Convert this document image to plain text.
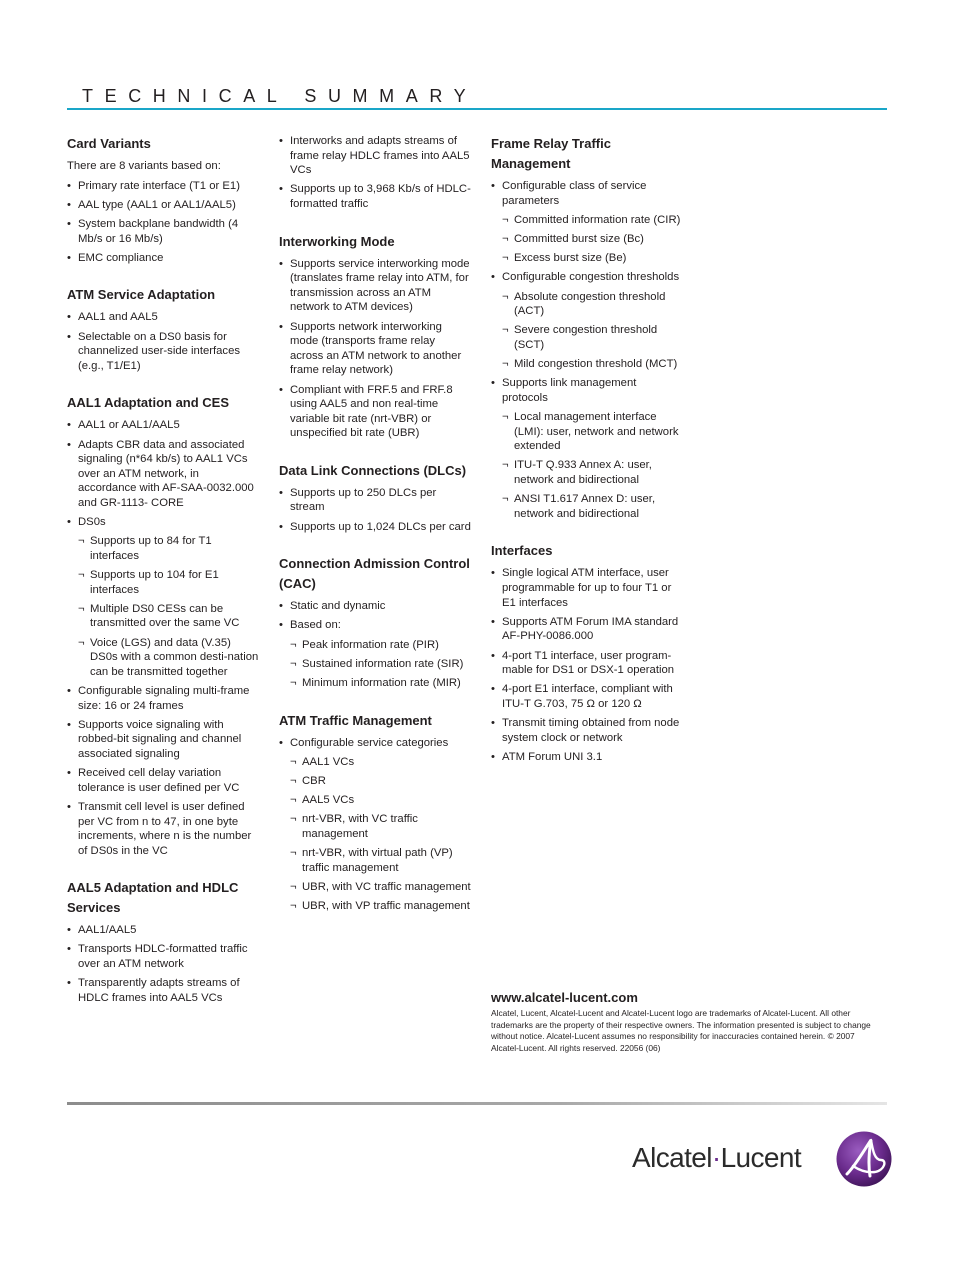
TECHNICAL SUMMARY
Card Variants

There are 8 variants based on:

• Primary rate interface (T1 or E1)
• AAL type (AAL1 or AAL1/AAL5)
• System backplane bandwidth (4 Mb/s or 16 Mb/s)
• EMC compliance
ATM Service Adaptation
• AAL1 and AAL5
• Selectable on a DS0 basis for channelized user-side interfaces (e.g., T1/E1)
AAL1 Adaptation and CES
• AAL1 or AAL1/AAL5
• Adapts CBR data and associated signaling (n*64 kb/s) to AAL1 VCs over an ATM network, in accordance with AF-SAA-0032.000 and GR-1113- CORE
• DS0s
¬ Supports up to 84 for T1 interfaces
¬ Supports up to 104 for E1 interfaces
¬ Multiple DS0 CESs can be transmitted over the same VC
¬ Voice (LGS) and data (V.35) DS0s with a common desti-nation can be transmitted together
• Configurable signaling multi-frame size: 16 or 24 frames
• Supports voice signaling with robbed-bit signaling and channel associated signaling
• Received cell delay variation tolerance is user defined per VC
• Transmit cell level is user defined per VC from n to 47, in one byte increments, where n is the number of DS0s in the VC
AAL5 Adaptation and HDLC Services
• AAL1/AAL5
• Transports HDLC-formatted traffic over an ATM network
• Transparently adapts streams of HDLC frames into AAL5 VCs
• Interworks and adapts streams of frame relay HDLC frames into AAL5 VCs
• Supports up to 3,968 Kb/s of HDLC-formatted traffic
Interworking Mode
• Supports service interworking mode (translates frame relay into ATM, for transmission across an ATM network to ATM devices)
• Supports network interworking mode (transports frame relay across an ATM network to another frame relay network)
• Compliant with FRF.5 and FRF.8 using AAL5 and non real-time variable bit rate (nrt-VBR) or unspecified bit rate (UBR)
Data Link Connections (DLCs)
• Supports up to 250 DLCs per stream
• Supports up to 1,024 DLCs per card
Connection Admission Control (CAC)
• Static and dynamic
• Based on:
¬ Peak information rate (PIR)
¬ Sustained information rate (SIR)
¬ Minimum information rate (MIR)
ATM Traffic Management
• Configurable service categories
¬ AAL1 VCs
¬ CBR
¬ AAL5 VCs
¬ nrt-VBR, with VC traffic management
¬ nrt-VBR, with virtual path (VP) traffic management
¬ UBR, with VC traffic management
¬ UBR, with VP traffic management
Frame Relay Traffic Management
• Configurable class of service parameters
¬ Committed information rate (CIR)
¬ Committed burst size (Bc)
¬ Excess burst size (Be)
• Configurable congestion thresholds
¬ Absolute congestion threshold (ACT)
¬ Severe congestion threshold (SCT)
¬ Mild congestion threshold (MCT)
• Supports link management protocols
¬ Local management interface (LMI): user, network and network extended
¬ ITU-T Q.933 Annex A: user, network and bidirectional
¬ ANSI T1.617 Annex D: user, network and bidirectional
Interfaces
• Single logical ATM interface, user programmable for up to four T1 or E1 interfaces
• Supports ATM Forum IMA standard AF-PHY-0086.000
• 4-port T1 interface, user program-mable for DS1 or DSX-1 operation
• 4-port E1 interface, compliant with ITU-T G.703, 75 Ω or 120 Ω
• Transmit timing obtained from node system clock or network
• ATM Forum UNI 3.1
www.alcatel-lucent.com
Alcatel, Lucent, Alcatel-Lucent and Alcatel-Lucent logo are trademarks of Alcatel-Lucent. All other trademarks are the property of their respective owners. The information presented is subject to change without notice. Alcatel-Lucent assumes no responsibility for inaccuracies contained herein. © 2007 Alcatel-Lucent. All rights reserved. 22056 (06)
Alcatel·Lucent
